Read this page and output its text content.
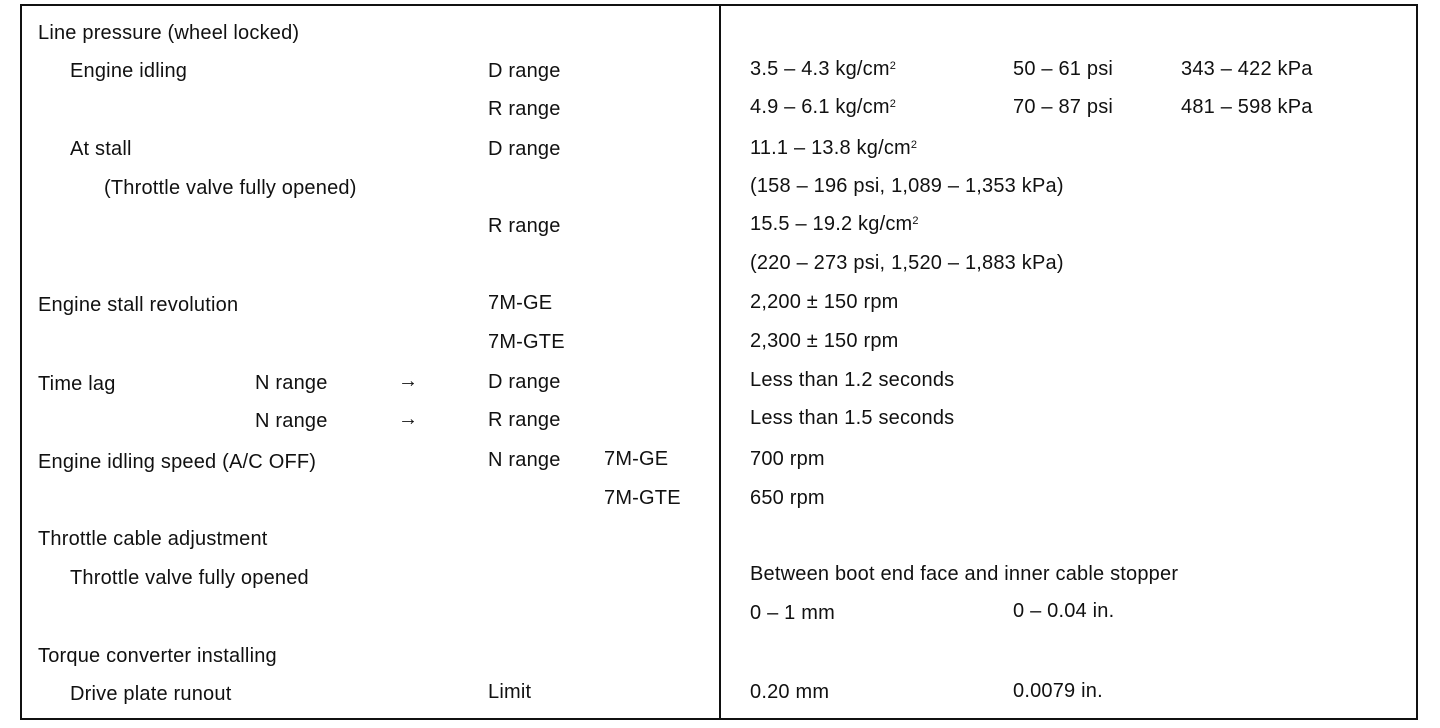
Line pressure (wheel locked)
Engine idling	D range	3.5 – 4.3 $kg/cm^2$	50 – 61 psi	343 – 422 kPa
R range	4.9 – 6.1 $kg/cm^2$	70 – 87 psi	481 – 598 kPa
At stall	D range	11.1 – 13.8 $kg/cm^2$
(Throttle valve fully opened)	(158 – 196 psi, 1,089 – 1,353 kPa)
R range	15.5 – 19.2 $kg/cm^2$
(220 – 273 psi, 1,520 – 1,883 kPa)
Engine stall revolution	7M-GE	2,200 ± 150 rpm
7M-GTE	2,300 ± 150 rpm
Time lag	N range	→	D range	Less than 1.2 seconds
N range	→	R range	Less than 1.5 seconds
Engine idling speed (A/C OFF)	N range 7M-GE	700 rpm
7M-GTE	650 rpm
Throttle cable adjustment
Throttle valve fully opened	Between boot end face and inner cable stopper
0 – 1 mm	0 – 0.04 in.
Torque converter installing
Drive plate runout	Limit	0.20 mm	0.0079 in.
